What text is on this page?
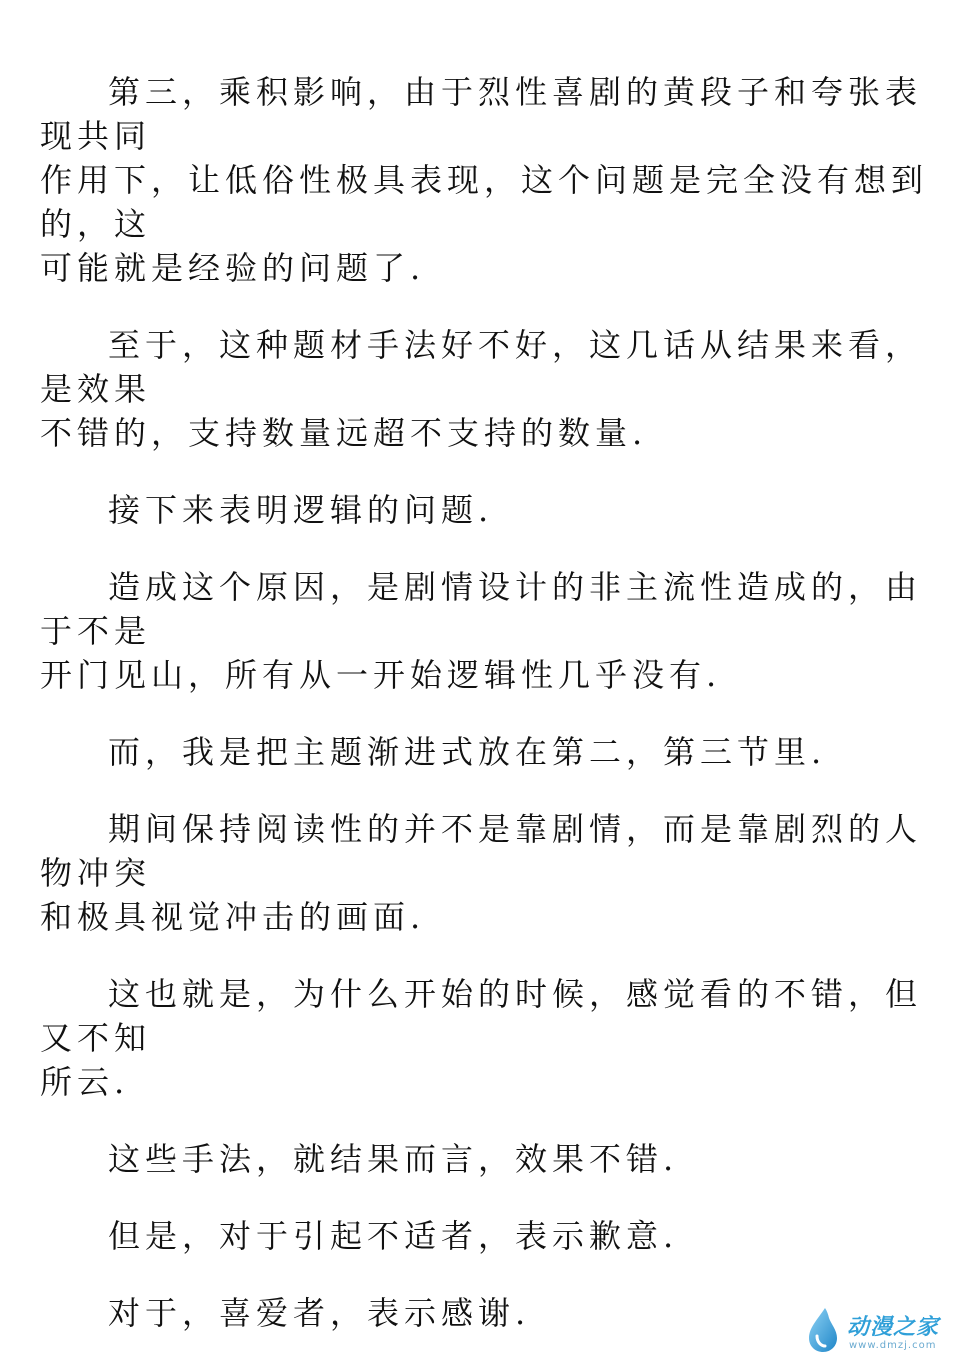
第三，乘积影响，由于烈性喜剧的黄段子和夸张表现共同
作用下，让低俗性极具表现，这个问题是完全没有想到的，这
可能就是经验的问题了.

至于，这种题材手法好不好，这几话从结果来看，是效果
不错的，支持数量远超不支持的数量.

接下来表明逻辑的问题.

造成这个原因，是剧情设计的非主流性造成的，由于不是
开门见山，所有从一开始逻辑性几乎没有.

而，我是把主题渐进式放在第二，第三节里.

期间保持阅读性的并不是靠剧情，而是靠剧烈的人物冲突
和极具视觉冲击的画面.

这也就是，为什么开始的时候，感觉看的不错，但又不知
所云.

这些手法，就结果而言，效果不错.

但是，对于引起不适者，表示歉意.

对于，喜爱者，表示感谢.	动漫之家
www.dmzj.com
